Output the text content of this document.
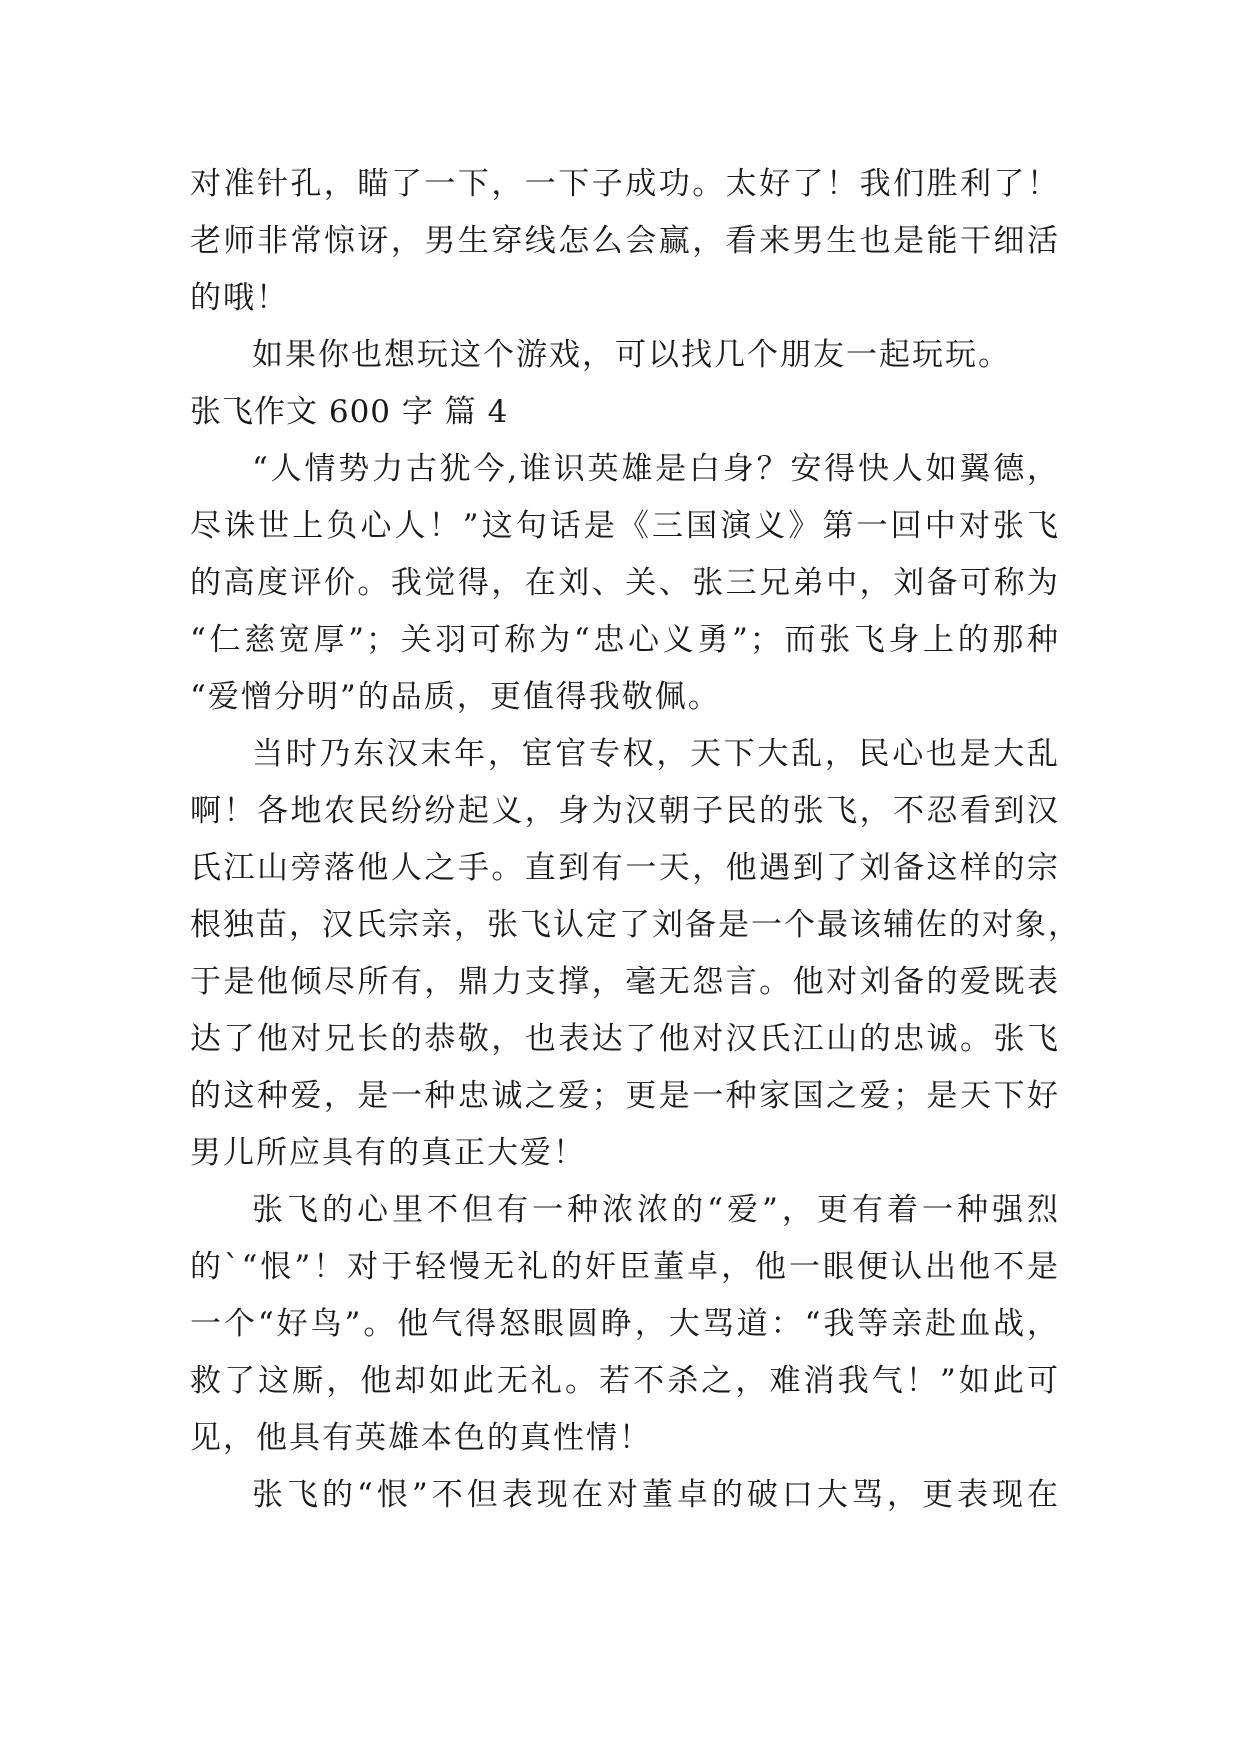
对准针孔，瞄了一下，一下子成功。太好了！我们胜利了！
老师非常惊讶，男生穿线怎么会赢，看来男生也是能干细活
的哦！
如果你也想玩这个游戏，可以找几个朋友一起玩玩。
张飞作文 600 字 篇 4
“人情势力古犹今,谁识英雄是白身？安得快人如翼德，
尽诛世上负心人！”这句话是《三国演义》第一回中对张飞
的高度评价。我觉得，在刘、关、张三兄弟中，刘备可称为
“仁慈宽厚”；关羽可称为“忠心义勇”；而张飞身上的那种
“爱憎分明”的品质，更值得我敬佩。
当时乃东汉末年，宦官专权，天下大乱，民心也是大乱
啊！各地农民纷纷起义，身为汉朝子民的张飞，不忍看到汉
氏江山旁落他人之手。直到有一天，他遇到了刘备这样的宗
根独苗，汉氏宗亲，张飞认定了刘备是一个最该辅佐的对象，
于是他倾尽所有，鼎力支撑，毫无怨言。他对刘备的爱既表
达了他对兄长的恭敬，也表达了他对汉氏江山的忠诚。张飞
的这种爱，是一种忠诚之爱；更是一种家国之爱；是天下好
男儿所应具有的真正大爱！
张飞的心里不但有一种浓浓的“爱”，更有着一种强烈
的`“恨”！对于轻慢无礼的奸臣董卓，他一眼便认出他不是
一个“好鸟”。他气得怒眼圆睁，大骂道：“我等亲赴血战，
救了这厮，他却如此无礼。若不杀之，难消我气！”如此可
见，他具有英雄本色的真性情！
张飞的“恨”不但表现在对董卓的破口大骂，更表现在
